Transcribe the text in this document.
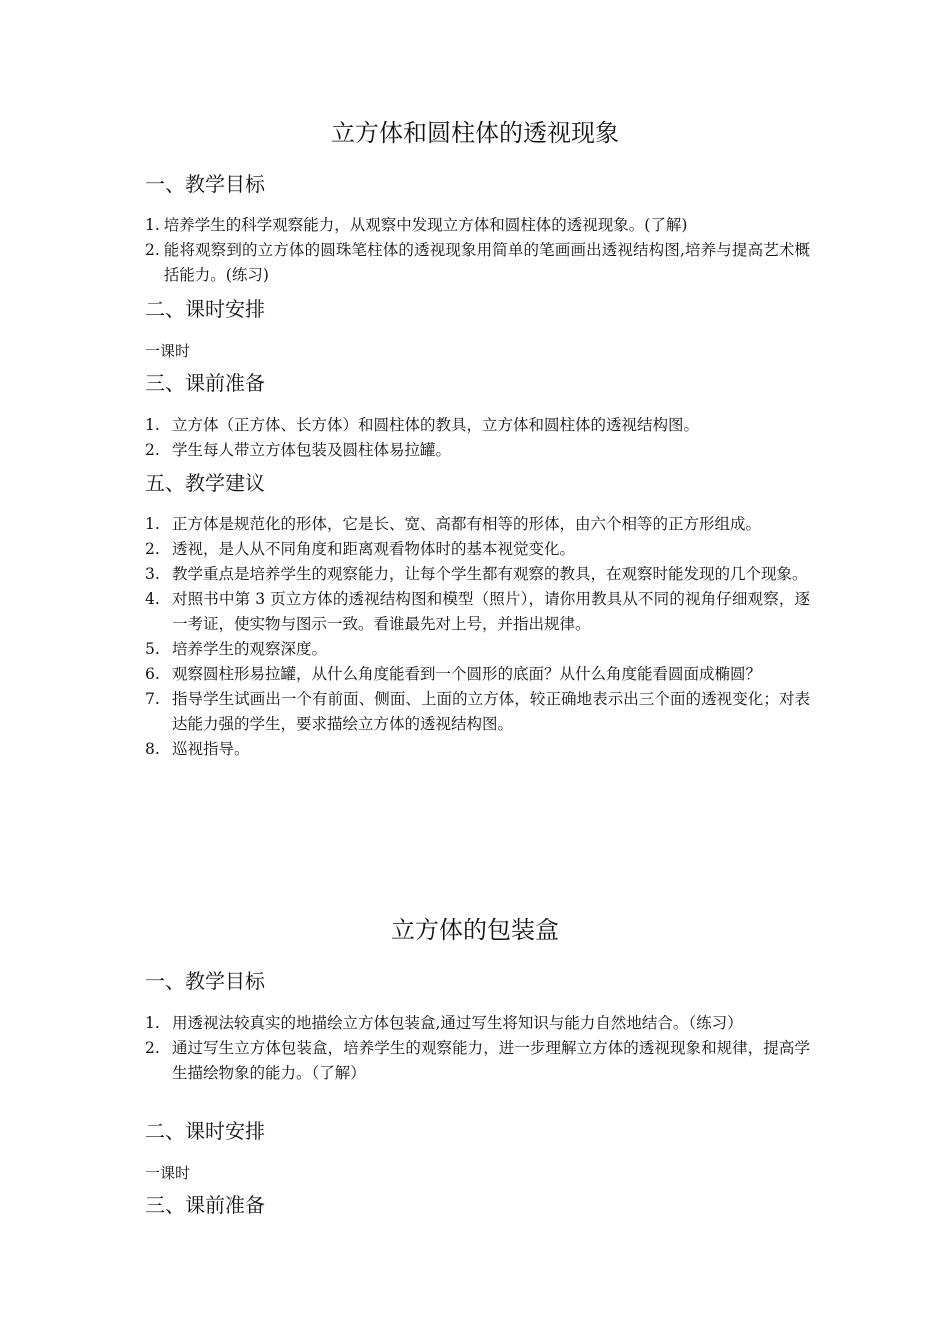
立方体和圆柱体的透视现象
一、教学目标
1. 培养学生的科学观察能力，从观察中发现立方体和圆柱体的透视现象。(了解)
2. 能将观察到的立方体的圆珠笔柱体的透视现象用简单的笔画画出透视结构图,培养与提高艺术概括能力。(练习)
二、课时安排

一课时

三、课前准备
1. 立方体（正方体、长方体）和圆柱体的教具，立方体和圆柱体的透视结构图。
2. 学生每人带立方体包装及圆柱体易拉罐。
五、教学建议
1. 正方体是规范化的形体，它是长、宽、高都有相等的形体，由六个相等的正方形组成。
2. 透视，是人从不同角度和距离观看物体时的基本视觉变化。
3. 教学重点是培养学生的观察能力，让每个学生都有观察的教具，在观察时能发现的几个现象。
4. 对照书中第 3 页立方体的透视结构图和模型（照片），请你用教具从不同的视角仔细观察，逐一考证，使实物与图示一致。看谁最先对上号，并指出规律。
5. 培养学生的观察深度。
6. 观察圆柱形易拉罐，从什么角度能看到一个圆形的底面？从什么角度能看圆面成椭圆？
7. 指导学生试画出一个有前面、侧面、上面的立方体，较正确地表示出三个面的透视变化；对表达能力强的学生，要求描绘立方体的透视结构图。
8. 巡视指导。
立方体的包装盒
一、教学目标
1. 用透视法较真实的地描绘立方体包装盒,通过写生将知识与能力自然地结合。（练习）
2. 通过写生立方体包装盒，培养学生的观察能力，进一步理解立方体的透视现象和规律，提高学生描绘物象的能力。（了解）
二、课时安排

一课时

三、课前准备
